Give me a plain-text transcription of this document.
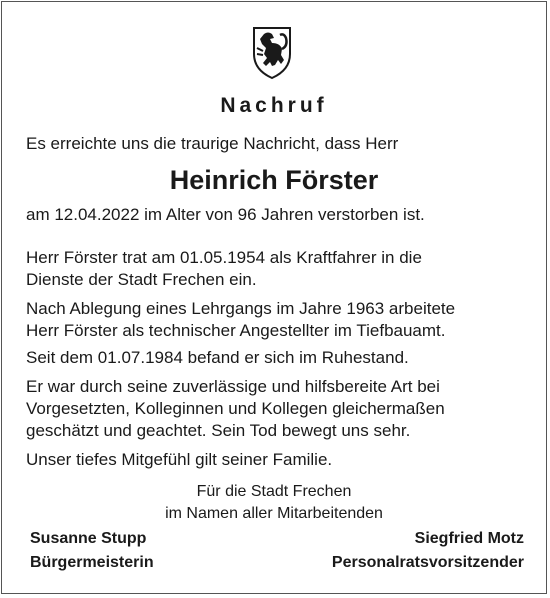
Nachruf
Es erreichte uns die traurige Nachricht, dass Herr
Heinrich Förster
am 12.04.2022 im Alter von 96 Jahren verstorben ist.

Herr Förster trat am 01.05.1954 als Kraftfahrer in die
Dienste der Stadt Frechen ein.

Nach Ablegung eines Lehrgangs im Jahre 1963 arbeitete
Herr Förster als technischer Angestellter im Tiefbauamt.

Seit dem 01.07.1984 befand er sich im Ruhestand.

Er war durch seine zuverlässige und hilfsbereite Art bei
Vorgesetzten, Kolleginnen und Kollegen gleichermaßen
geschätzt und geachtet. Sein Tod bewegt uns sehr.

Unser tiefes Mitgefühl gilt seiner Familie.

Für die Stadt Frechen
im Namen aller Mitarbeitenden
Susanne Stupp
Bürgermeisterin
Siegfried Motz
Personalratsvorsitzender
